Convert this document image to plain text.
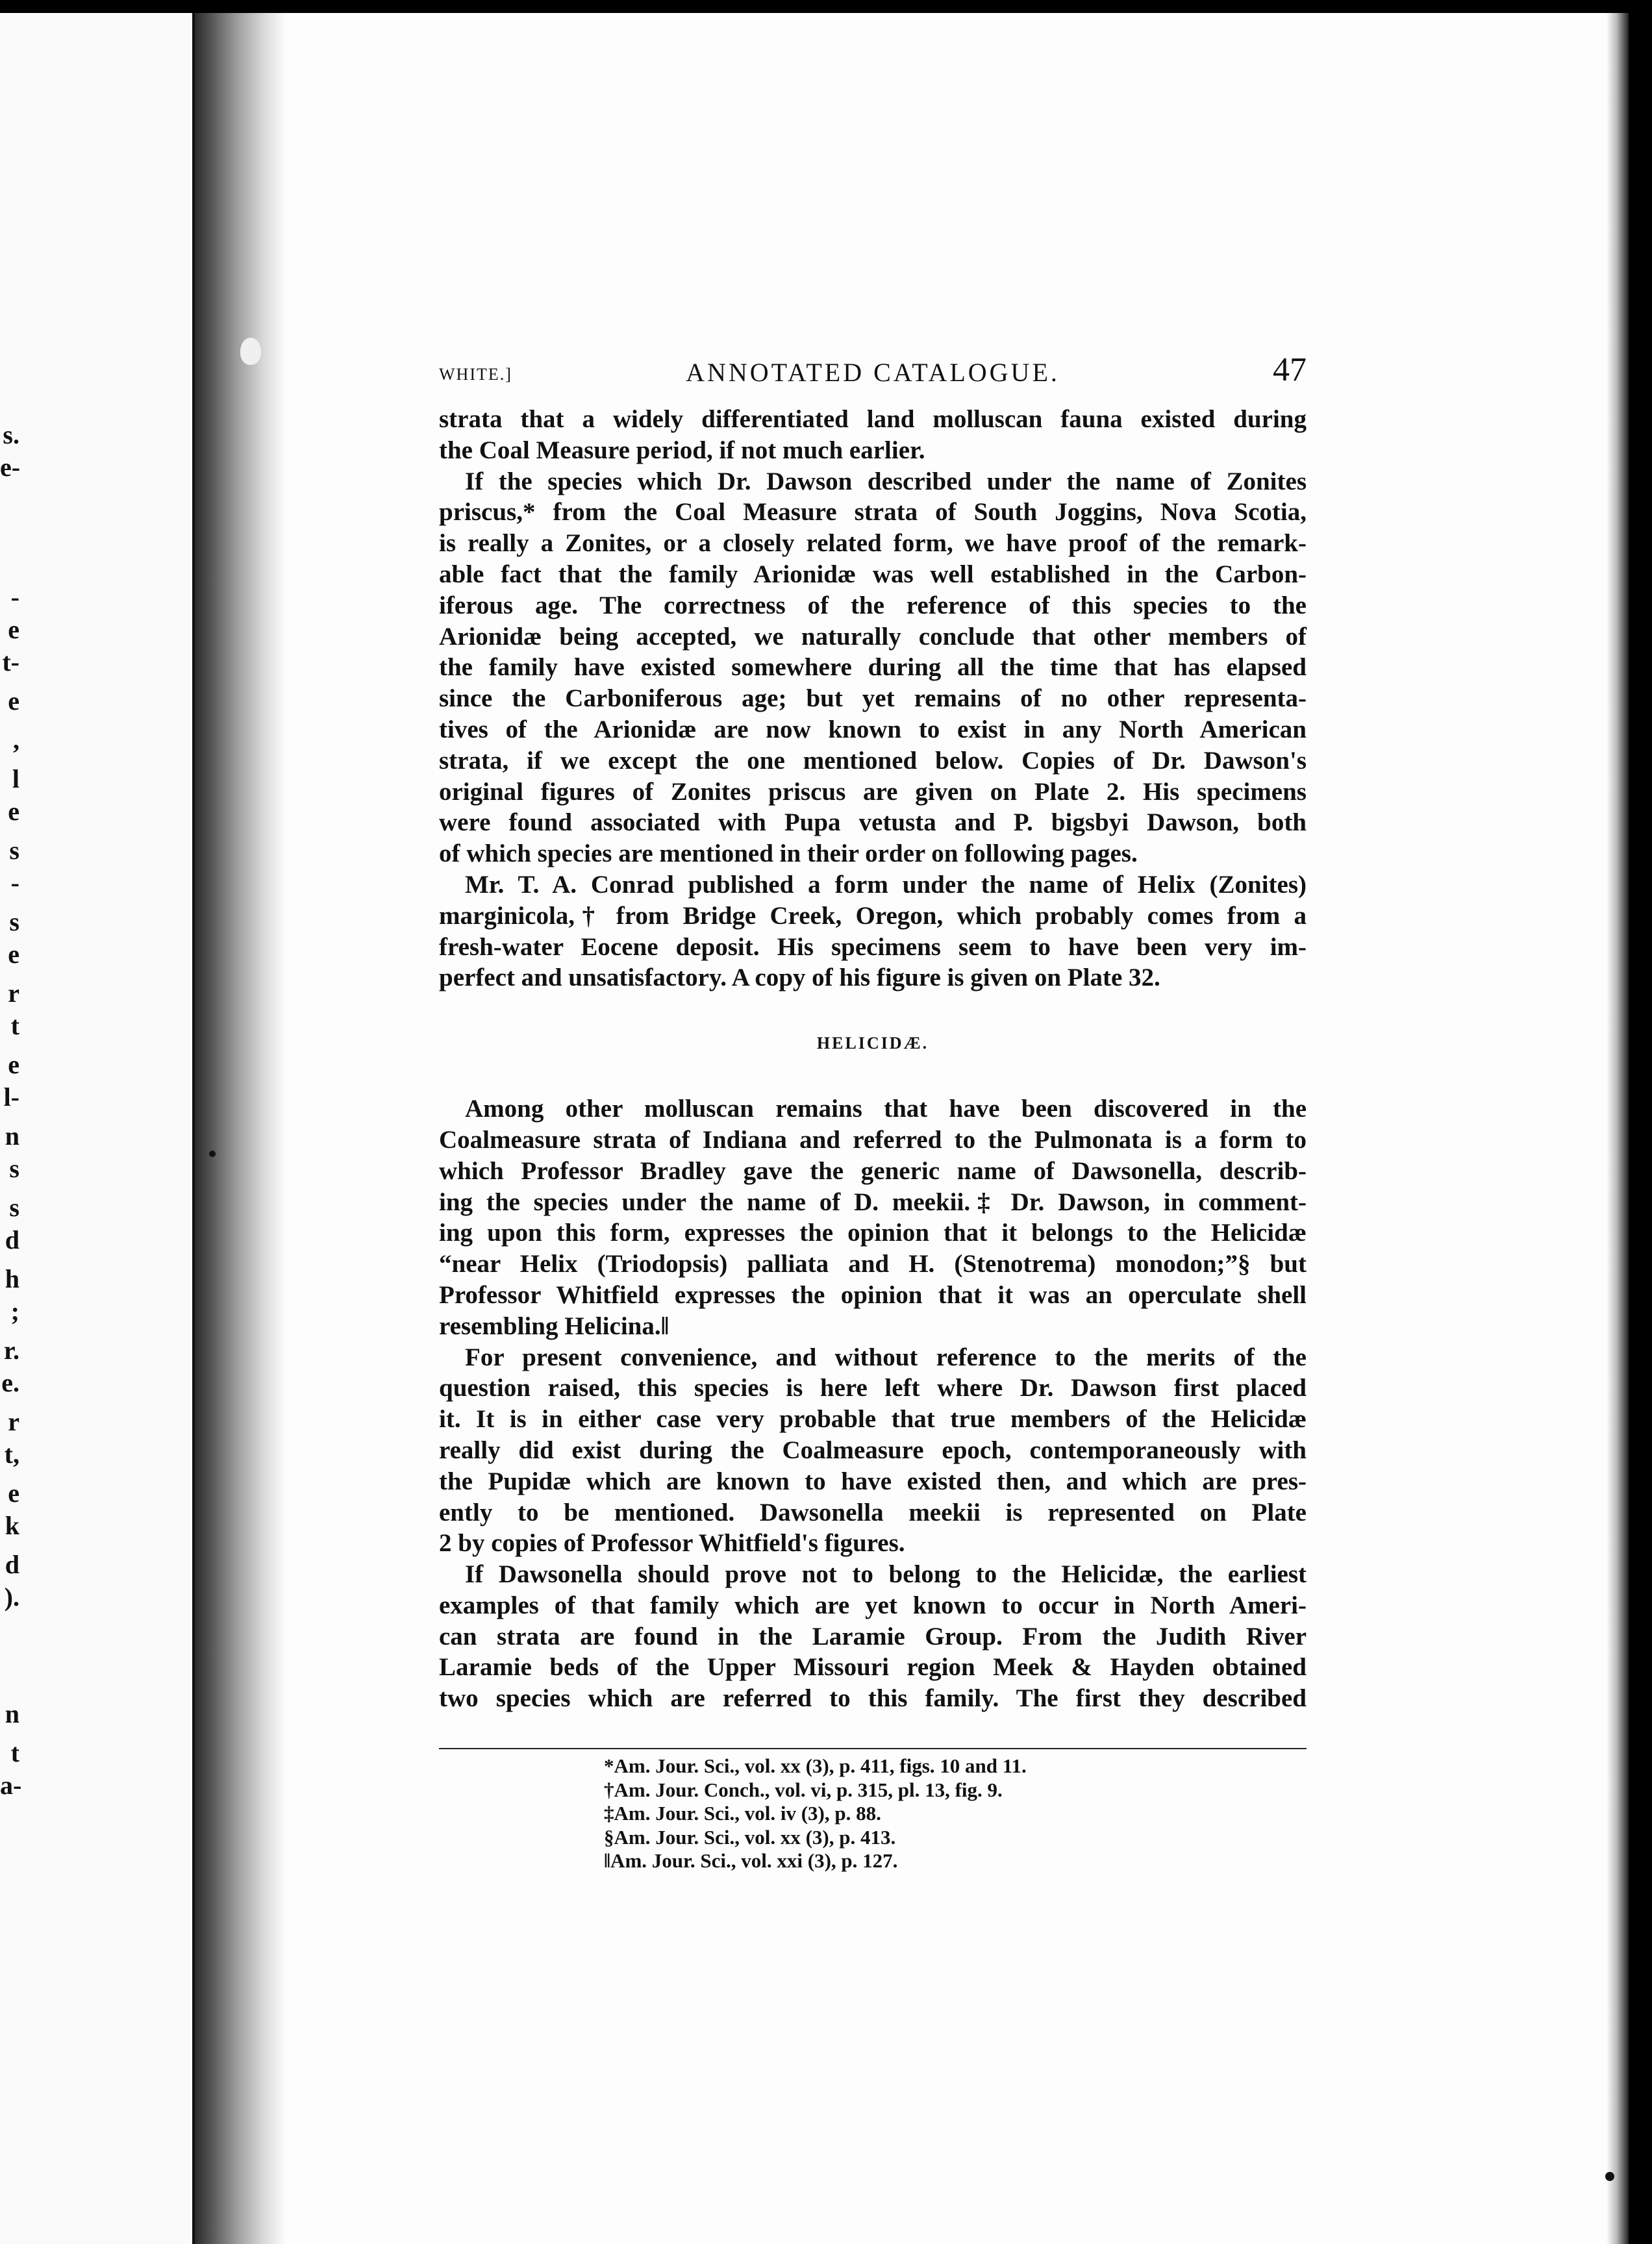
s.
e-
-
e
t-
e
,
l
e
s
-
s
e
r
t
e
l-
n
s
s
d
h
;
r.
e.
r
t,
e
k
d
).
n
t
a-
WHITE.]	ANNOTATED CATALOGUE.	47

strata that a widely differentiated land molluscan fauna existed during

the Coal Measure period, if not much earlier.

If the species which Dr. Dawson described under the name of Zonites

priscus,* from the Coal Measure strata of South Joggins, Nova Scotia,

is really a Zonites, or a closely related form, we have proof of the remark-

able fact that the family Arionidæ was well established in the Carbon-

iferous age. The correctness of the reference of this species to the

Arionidæ being accepted, we naturally conclude that other members of

the family have existed somewhere during all the time that has elapsed

since the Carboniferous age; but yet remains of no other representa-

tives of the Arionidæ are now known to exist in any North American

strata, if we except the one mentioned below. Copies of Dr. Dawson's

original figures of Zonites priscus are given on Plate 2. His specimens

were found associated with Pupa vetusta and P. bigsbyi Dawson, both

of which species are mentioned in their order on following pages.

Mr. T. A. Conrad published a form under the name of Helix (Zonites)

marginicola,† from Bridge Creek, Oregon, which probably comes from a

fresh-water Eocene deposit. His specimens seem to have been very im-

perfect and unsatisfactory. A copy of his figure is given on Plate 32.

HELICIDÆ.

Among other molluscan remains that have been discovered in the

Coalmeasure strata of Indiana and referred to the Pulmonata is a form to

which Professor Bradley gave the generic name of Dawsonella, describ-

ing the species under the name of D. meekii.‡ Dr. Dawson, in comment-

ing upon this form, expresses the opinion that it belongs to the Helicidæ

“near Helix (Triodopsis) palliata and H. (Stenotrema) monodon;”§ but

Professor Whitfield expresses the opinion that it was an operculate shell

resembling Helicina.‖

For present convenience, and without reference to the merits of the

question raised, this species is here left where Dr. Dawson first placed

it. It is in either case very probable that true members of the Helicidæ

really did exist during the Coalmeasure epoch, contemporaneously with

the Pupidæ which are known to have existed then, and which are pres-

ently to be mentioned. Dawsonella meekii is represented on Plate

2 by copies of Professor Whitfield's figures.

If Dawsonella should prove not to belong to the Helicidæ, the earliest

examples of that family which are yet known to occur in North Ameri-

can strata are found in the Laramie Group. From the Judith River

Laramie beds of the Upper Missouri region Meek & Hayden obtained

two species which are referred to this family. The first they described

*Am. Jour. Sci., vol. xx (3), p. 411, figs. 10 and 11.
†Am. Jour. Conch., vol. vi, p. 315, pl. 13, fig. 9.
‡Am. Jour. Sci., vol. iv (3), p. 88.
§Am. Jour. Sci., vol. xx (3), p. 413.
‖Am. Jour. Sci., vol. xxi (3), p. 127.
